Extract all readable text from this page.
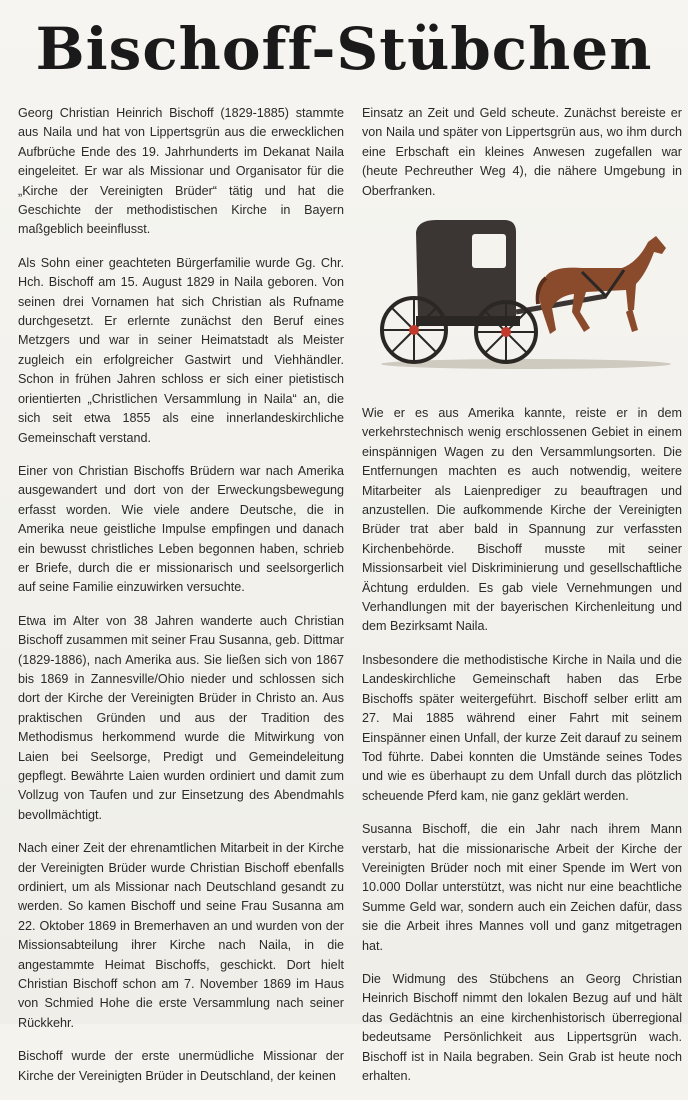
Bischoff-Stübchen

Georg Christian Heinrich Bischoff (1829-1885) stammte aus Naila und hat von Lippertsgrün aus die erwecklichen Aufbrüche Ende des 19. Jahrhunderts im Dekanat Naila eingeleitet. Er war als Missionar und Organisator für die „Kirche der Vereinigten Brüder“ tätig und hat die Geschichte der methodistischen Kirche in Bayern maßgeblich beeinflusst.

Als Sohn einer geachteten Bürgerfamilie wurde Gg. Chr. Hch. Bischoff am 15. August 1829 in Naila geboren. Von seinen drei Vornamen hat sich Christian als Rufname durchgesetzt. Er erlernte zunächst den Beruf eines Metzgers und war in seiner Heimatstadt als Meister zugleich ein erfolgreicher Gastwirt und Viehhändler. Schon in frühen Jahren schloss er sich einer pietistisch orientierten „Christlichen Versammlung in Naila“ an, die sich seit etwa 1855 als eine innerlandeskirchliche Gemeinschaft verstand.

Einer von Christian Bischoffs Brüdern war nach Amerika ausgewandert und dort von der Erweckungsbewegung erfasst worden. Wie viele andere Deutsche, die in Amerika neue geistliche Impulse empfingen und danach ein bewusst christliches Leben begonnen haben, schrieb er Briefe, durch die er missionarisch und seelsorgerlich auf seine Familie einzuwirken versuchte.

Etwa im Alter von 38 Jahren wanderte auch Christian Bischoff zusammen mit seiner Frau Susanna, geb. Dittmar (1829-1886), nach Amerika aus. Sie ließen sich von 1867 bis 1869 in Zannesville/Ohio nieder und schlossen sich dort der Kirche der Vereinigten Brüder in Christo an. Aus praktischen Gründen und aus der Tradition des Methodismus herkommend wurde die Mitwirkung von Laien bei Seelsorge, Predigt und Gemeindeleitung gepflegt. Bewährte Laien wurden ordiniert und damit zum Vollzug von Taufen und zur Einsetzung des Abendmahls bevollmächtigt.

Nach einer Zeit der ehrenamtlichen Mitarbeit in der Kirche der Vereinigten Brüder wurde Christian Bischoff ebenfalls ordiniert, um als Missionar nach Deutschland gesandt zu werden. So kamen Bischoff und seine Frau Susanna am 22. Oktober 1869 in Bremerhaven an und wurden von der Missionsabteilung ihrer Kirche nach Naila, in die angestammte Heimat Bischoffs, geschickt. Dort hielt Christian Bischoff schon am 7. November 1869 im Haus von Schmied Hohe die erste Versammlung nach seiner Rückkehr.

Bischoff wurde der erste unermüdliche Missionar der Kirche der Vereinigten Brüder in Deutschland, der keinen

Einsatz an Zeit und Geld scheute. Zunächst bereiste er von Naila und später von Lippertsgrün aus, wo ihm durch eine Erbschaft ein kleines Anwesen zugefallen war (heute Pechreuther Weg 4), die nähere Umgebung in Oberfranken.

Wie er es aus Amerika kannte, reiste er in dem verkehrstechnisch wenig erschlossenen Gebiet in einem einspännigen Wagen zu den Versammlungsorten. Die Entfernungen machten es auch notwendig, weitere Mitarbeiter als Laienprediger zu beauftragen und anzustellen. Die aufkommende Kirche der Vereinigten Brüder trat aber bald in Spannung zur verfassten Kirchenbehörde. Bischoff musste mit seiner Missionsarbeit viel Diskriminierung und gesellschaftliche Ächtung erdulden. Es gab viele Vernehmungen und Verhandlungen mit der bayerischen Kirchenleitung und dem Bezirksamt Naila.

Insbesondere die methodistische Kirche in Naila und die Landeskirchliche Gemeinschaft haben das Erbe Bischoffs später weitergeführt. Bischoff selber erlitt am 27. Mai 1885 während einer Fahrt mit seinem Einspänner einen Unfall, der kurze Zeit darauf zu seinem Tod führte. Dabei konnten die Umstände seines Todes und wie es überhaupt zu dem Unfall durch das plötzlich scheuende Pferd kam, nie ganz geklärt werden.

Susanna Bischoff, die ein Jahr nach ihrem Mann verstarb, hat die missionarische Arbeit der Kirche der Vereinigten Brüder noch mit einer Spende im Wert von 10.000 Dollar unterstützt, was nicht nur eine beachtliche Summe Geld war, sondern auch ein Zeichen dafür, dass sie die Arbeit ihres Mannes voll und ganz mitgetragen hat.

Die Widmung des Stübchens an Georg Christian Heinrich Bischoff nimmt den lokalen Bezug auf und hält das Gedächtnis an eine kirchenhistorisch überregional bedeutsame Persönlichkeit aus Lippertsgrün wach. Bischoff ist in Naila begraben. Sein Grab ist heute noch erhalten.
